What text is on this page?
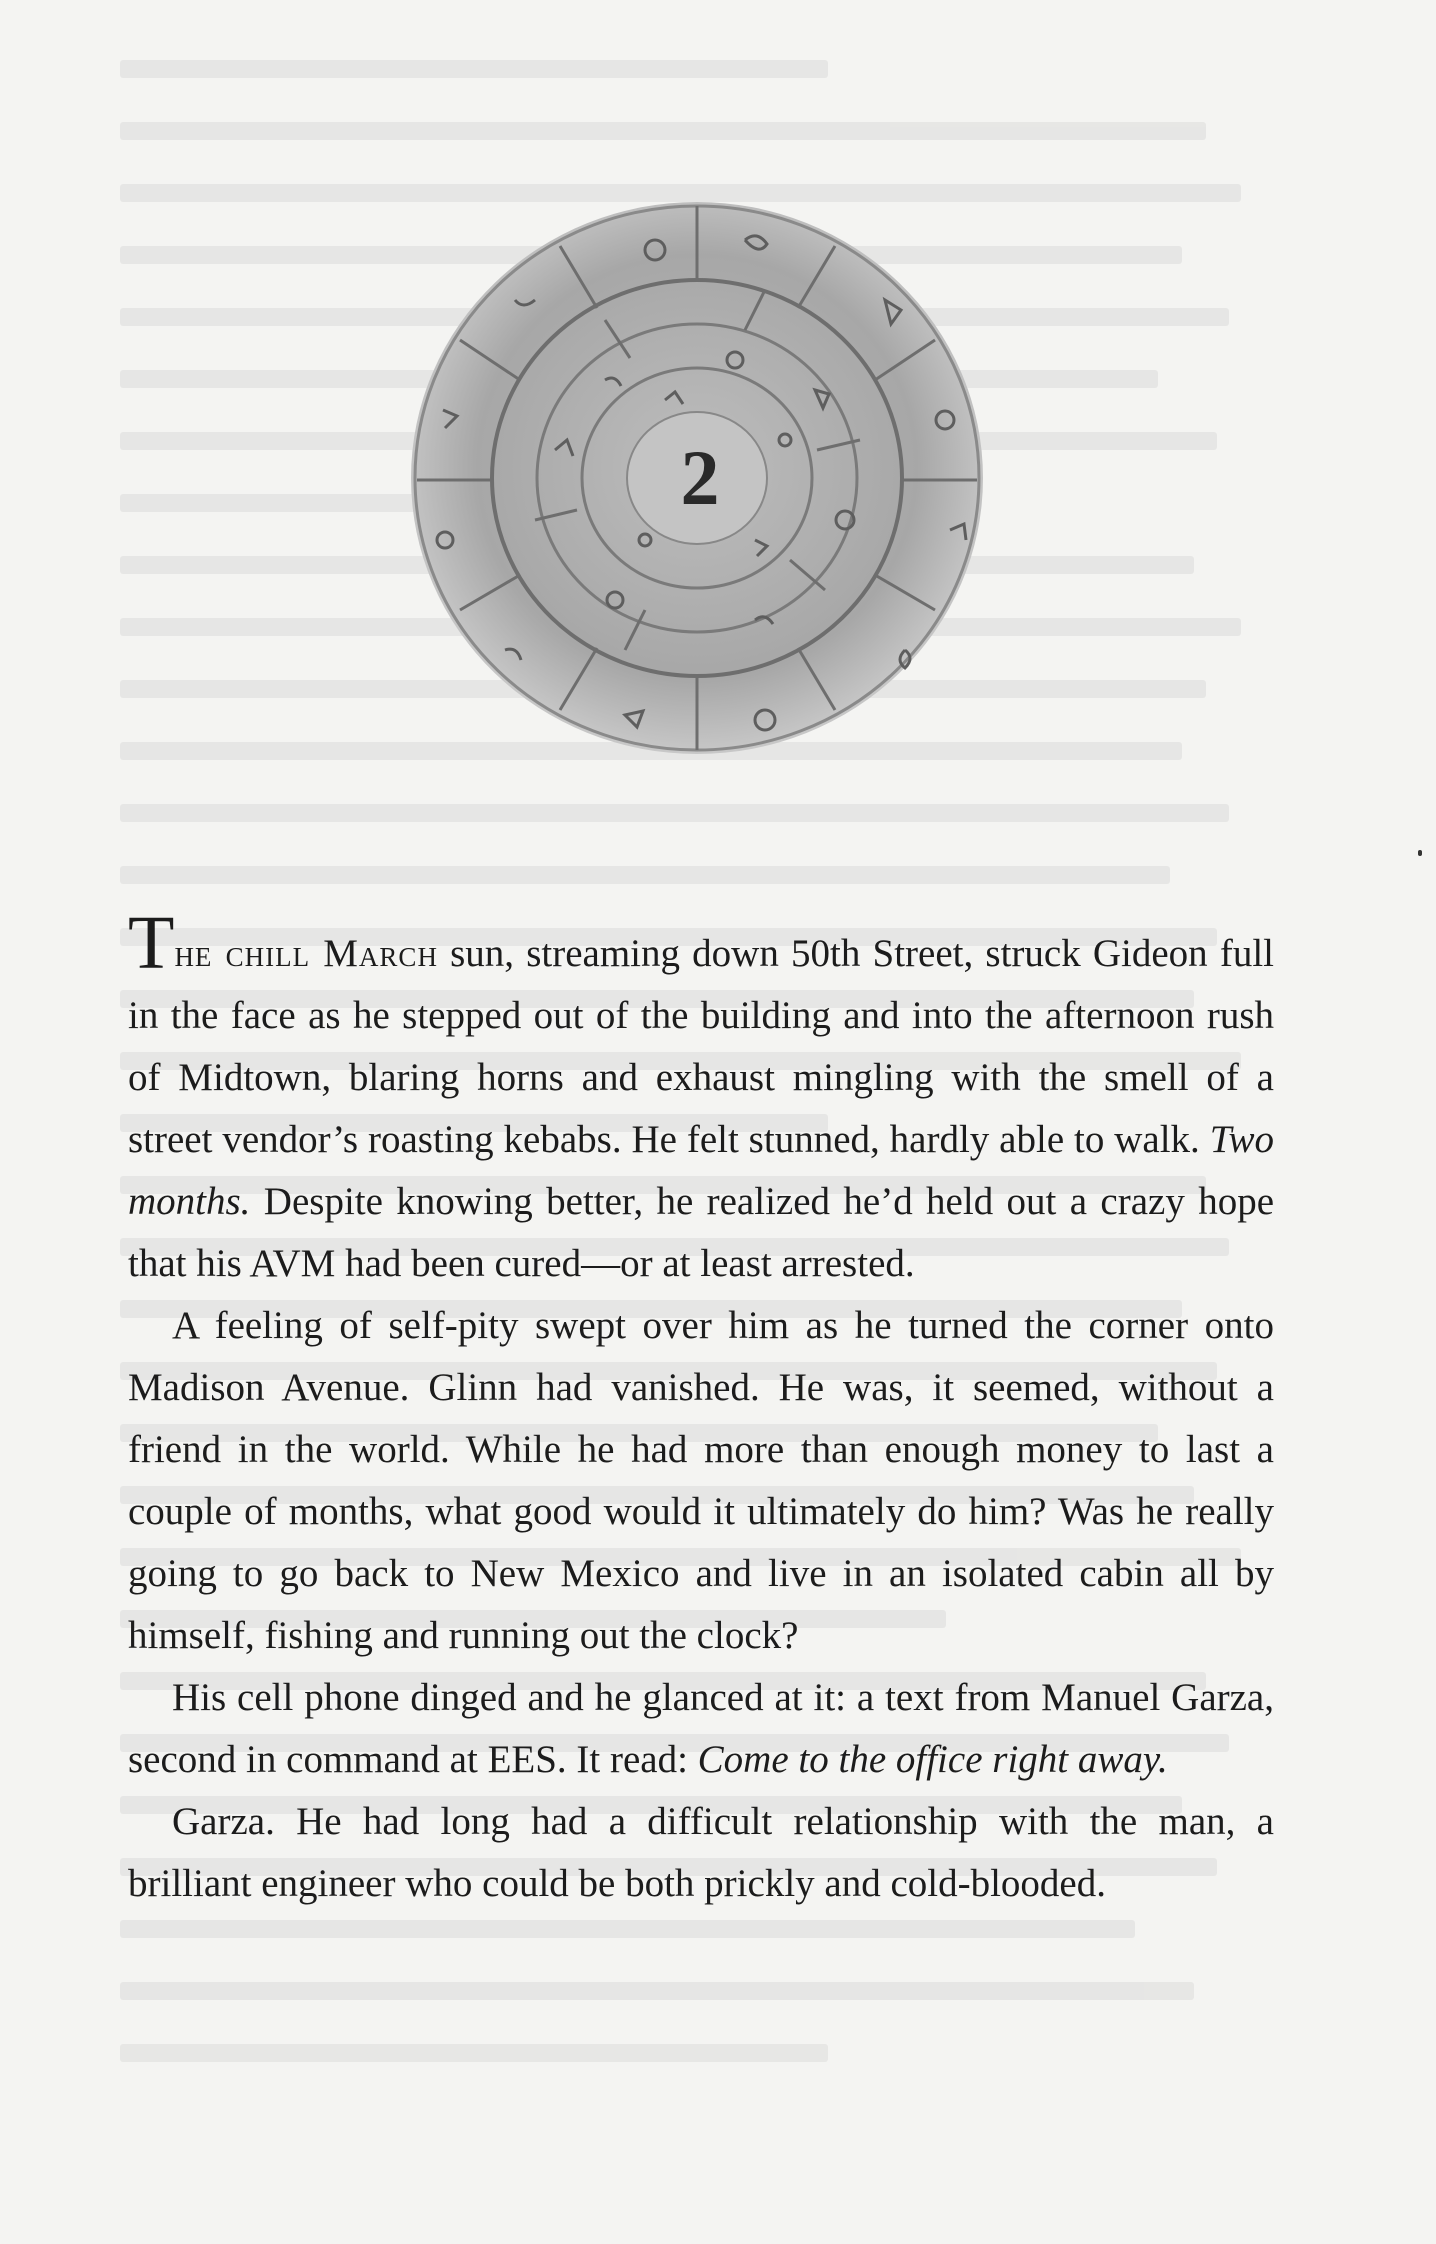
2

The chill March sun, streaming down 50th Street, struck Gideon full in the face as he stepped out of the building and into the afternoon rush of Midtown, blaring horns and exhaust mingling with the smell of a street vendor’s roasting kebabs. He felt stunned, hardly able to walk. Two months. Despite knowing better, he realized he’d held out a crazy hope that his AVM had been cured—or at least arrested.

A feeling of self-pity swept over him as he turned the corner onto Madison Avenue. Glinn had vanished. He was, it seemed, without a friend in the world. While he had more than enough money to last a couple of months, what good would it ultimately do him? Was he really going to go back to New Mexico and live in an isolated cabin all by himself, fishing and running out the clock?

His cell phone dinged and he glanced at it: a text from Manuel Garza, second in command at EES. It read: Come to the office right away.

Garza. He had long had a difficult relationship with the man, a brilliant engineer who could be both prickly and cold-blooded.
